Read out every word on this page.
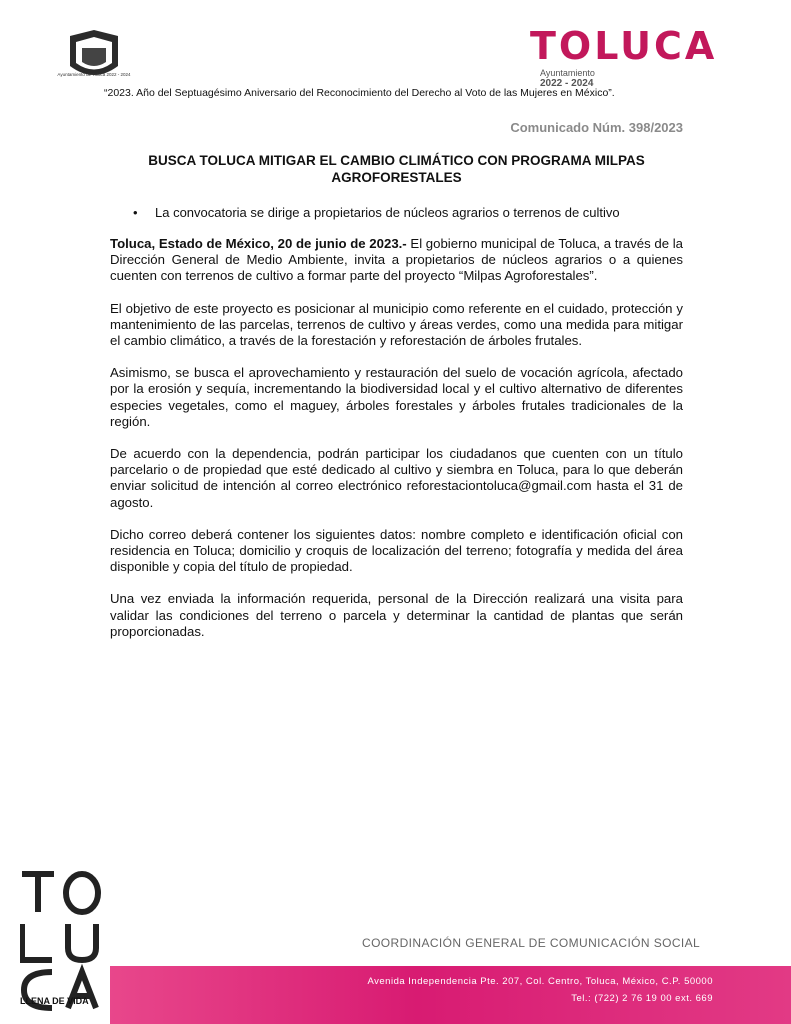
Ayuntamiento de Toluca 2022 - 2024
TOLUCA
Ayuntamiento
2022 - 2024
“2023. Año del Septuagésimo Aniversario del Reconocimiento del Derecho al Voto de las Mujeres en México”.
Comunicado Núm. 398/2023
BUSCA TOLUCA MITIGAR EL CAMBIO CLIMÁTICO CON PROGRAMA MILPAS AGROFORESTALES
• La convocatoria se dirige a propietarios de núcleos agrarios o terrenos de cultivo

Toluca, Estado de México, 20 de junio de 2023.- El gobierno municipal de Toluca, a través de la Dirección General de Medio Ambiente, invita a propietarios de núcleos agrarios o a quienes cuenten con terrenos de cultivo a formar parte del proyecto “Milpas Agroforestales”.

El objetivo de este proyecto es posicionar al municipio como referente en el cuidado, protección y mantenimiento de las parcelas, terrenos de cultivo y áreas verdes, como una medida para mitigar el cambio climático, a través de la forestación y reforestación de árboles frutales.

Asimismo, se busca el aprovechamiento y restauración del suelo de vocación agrícola, afectado por la erosión y sequía, incrementando la biodiversidad local y el cultivo alternativo de diferentes especies vegetales, como el maguey, árboles forestales y árboles frutales tradicionales de la región.

De acuerdo con la dependencia, podrán participar los ciudadanos que cuenten con un título parcelario o de propiedad que esté dedicado al cultivo y siembra en Toluca, para lo que deberán enviar solicitud de intención al correo electrónico reforestaciontoluca@gmail.com hasta el 31 de agosto.

Dicho correo deberá contener los siguientes datos: nombre completo e identificación oficial con residencia en Toluca; domicilio y croquis de localización del terreno; fotografía y medida del área disponible y copia del título de propiedad.

Una vez enviada la información requerida, personal de la Dirección realizará una visita para validar las condiciones del terreno o parcela y determinar la cantidad de plantas que serán proporcionadas.

LLENA DE VIDA
COORDINACIÓN GENERAL DE COMUNICACIÓN SOCIAL
Avenida Independencia Pte. 207, Col. Centro, Toluca, México, C.P. 50000
Tel.: (722) 2 76 19 00 ext. 669
